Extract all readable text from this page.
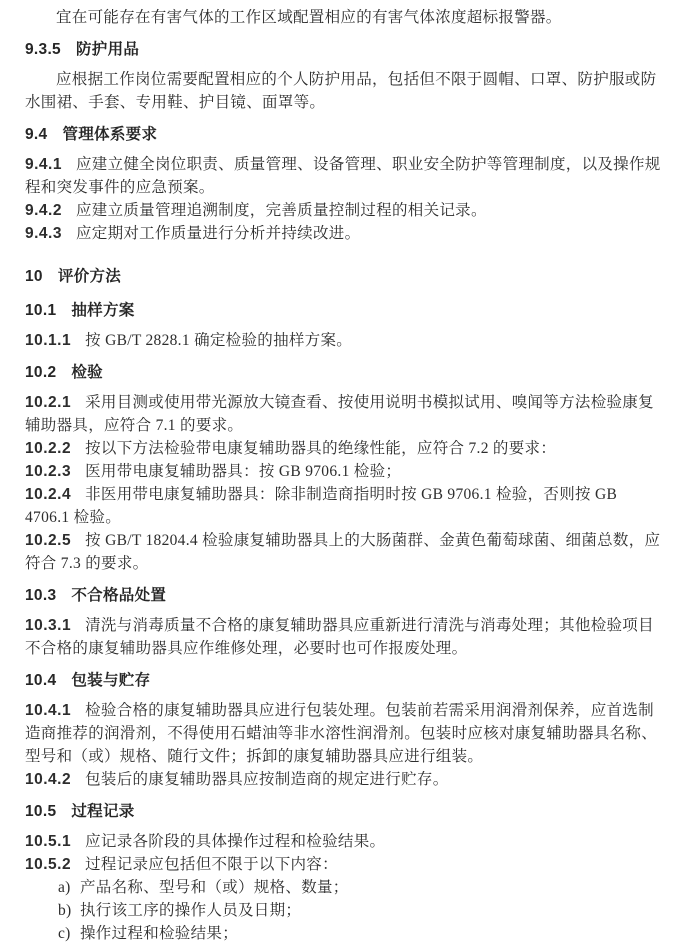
宜在可能存在有害气体的工作区域配置相应的有害气体浓度超标报警器。

9.3.5 防护用品

应根据工作岗位需要配置相应的个人防护用品，包括但不限于圆帽、口罩、防护服或防水围裙、手套、专用鞋、护目镜、面罩等。

9.4 管理体系要求

9.4.1 应建立健全岗位职责、质量管理、设备管理、职业安全防护等管理制度，以及操作规程和突发事件的应急预案。

9.4.2 应建立质量管理追溯制度，完善质量控制过程的相关记录。

9.4.3 应定期对工作质量进行分析并持续改进。

10 评价方法
10.1 抽样方案

10.1.1 按 GB/T 2828.1 确定检验的抽样方案。

10.2 检验

10.2.1 采用目测或使用带光源放大镜查看、按使用说明书模拟试用、嗅闻等方法检验康复辅助器具，应符合 7.1 的要求。

10.2.2 按以下方法检验带电康复辅助器具的绝缘性能，应符合 7.2 的要求：

10.2.3 医用带电康复辅助器具：按 GB 9706.1 检验；

10.2.4 非医用带电康复辅助器具：除非制造商指明时按 GB 9706.1 检验，否则按 GB 4706.1 检验。

10.2.5 按 GB/T 18204.4 检验康复辅助器具上的大肠菌群、金黄色葡萄球菌、细菌总数，应符合 7.3 的要求。

10.3 不合格品处置

10.3.1 清洗与消毒质量不合格的康复辅助器具应重新进行清洗与消毒处理；其他检验项目不合格的康复辅助器具应作维修处理，必要时也可作报废处理。

10.4 包装与贮存

10.4.1 检验合格的康复辅助器具应进行包装处理。包装前若需采用润滑剂保养，应首选制造商推荐的润滑剂，不得使用石蜡油等非水溶性润滑剂。包装时应核对康复辅助器具名称、型号和（或）规格、随行文件；拆卸的康复辅助器具应进行组装。

10.4.2 包装后的康复辅助器具应按制造商的规定进行贮存。

10.5 过程记录

10.5.1 应记录各阶段的具体操作过程和检验结果。

10.5.2 过程记录应包括但不限于以下内容：

a) 产品名称、型号和（或）规格、数量；
b) 执行该工序的操作人员及日期；
c) 操作过程和检验结果；
